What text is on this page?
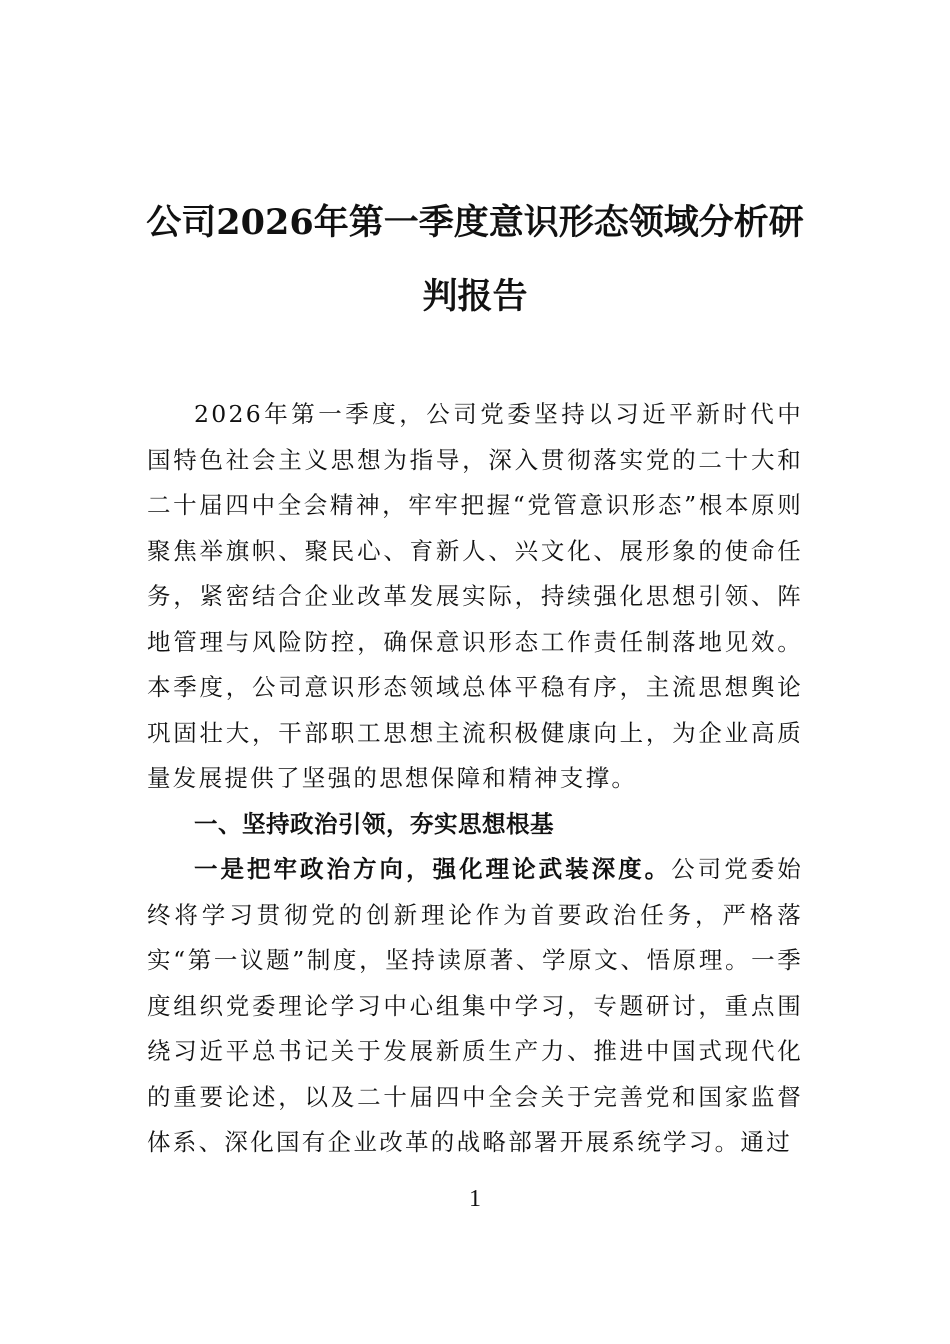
公司2026年第一季度意识形态领域分析研判报告

2026年第一季度，公司党委坚持以习近平新时代中国特色社会主义思想为指导，深入贯彻落实党的二十大和二十届四中全会精神，牢牢把握“党管意识形态”根本原则聚焦举旗帜、聚民心、育新人、兴文化、展形象的使命任务，紧密结合企业改革发展实际，持续强化思想引领、阵地管理与风险防控，确保意识形态工作责任制落地见效。本季度，公司意识形态领域总体平稳有序，主流思想舆论巩固壮大，干部职工思想主流积极健康向上，为企业高质量发展提供了坚强的思想保障和精神支撑。

一、坚持政治引领，夯实思想根基

一是把牢政治方向，强化理论武装深度。公司党委始终将学习贯彻党的创新理论作为首要政治任务，严格落实“第一议题”制度，坚持读原著、学原文、悟原理。一季度组织党委理论学习中心组集中学习，专题研讨，重点围绕习近平总书记关于发展新质生产力、推进中国式现代化的重要论述，以及二十届四中全会关于完善党和国家监督体系、深化国有企业改革的战略部署开展系统学习。通过

1
